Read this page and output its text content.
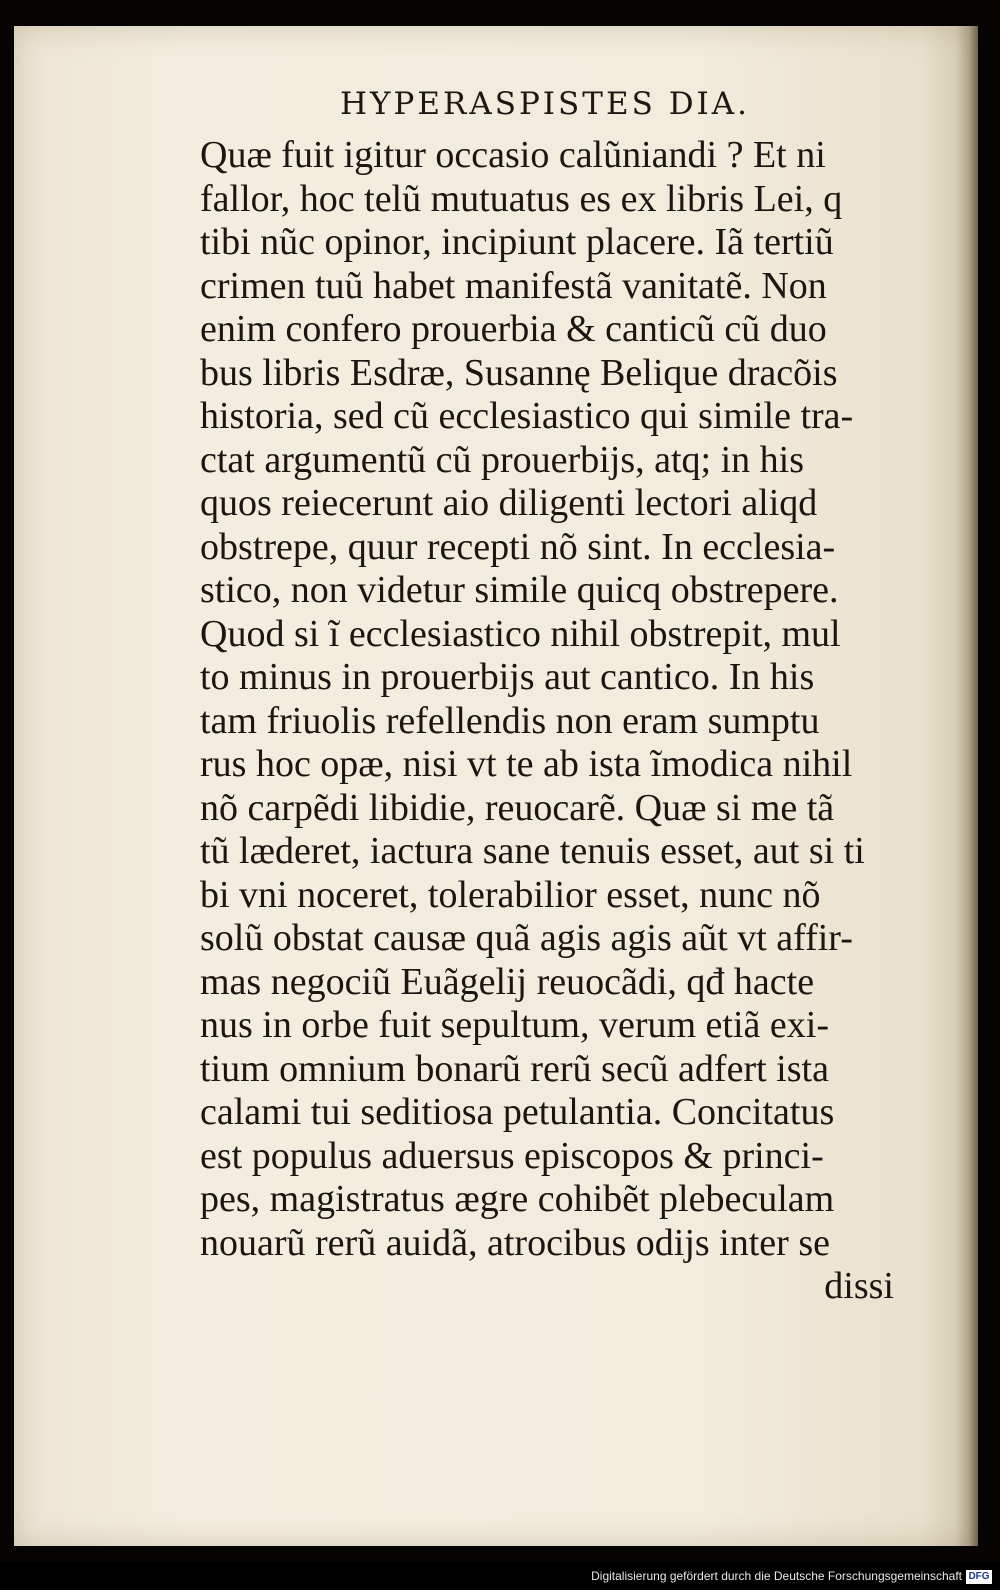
HYPERASPISTES DIA.
Quæ fuit igitur occasio calũniandi ? Et ni
fallor, hoc telũ mutuatus es ex libris Lei, q
tibi nũc opinor, incipiunt placere. Iã tertiũ
crimen tuũ habet manifestã vanitatẽ. Non
enim confero prouerbia & canticũ cũ duo
bus libris Esdræ, Susannę Belique dracõis
historia, sed cũ ecclesiastico qui simile tra-
ctat argumentũ cũ prouerbijs, atq; in his
quos reiecerunt aio diligenti lectori aliqd
obstrepe, quur recepti nõ sint. In ecclesia-
stico, non videtur simile quicq obstrepere.
Quod si ĩ ecclesiastico nihil obstrepit, mul
to minus in prouerbijs aut cantico. In his
tam friuolis refellendis non eram sumptu
rus hoc opæ, nisi vt te ab ista ĩmodica nihil
nõ carpẽdi libidie, reuocarẽ. Quæ si me tã
tũ læderet, iactura sane tenuis esset, aut si ti
bi vni noceret, tolerabilior esset, nunc nõ
solũ obstat causæ quã agis agis aũt vt affir-
mas negociũ Euãgelij reuocãdi, qđ hacte
nus in orbe fuit sepultum, verum etiã exi-
tium omnium bonarũ rerũ secũ adfert ista
calami tui seditiosa petulantia. Concitatus
est populus aduersus episcopos & princi-
pes, magistratus ægre cohibẽt plebeculam
nouarũ rerũ auidã, atrocibus odijs inter se
dissi
Digitalisierung gefördert durch die Deutsche Forschungsgemeinschaft DFG
